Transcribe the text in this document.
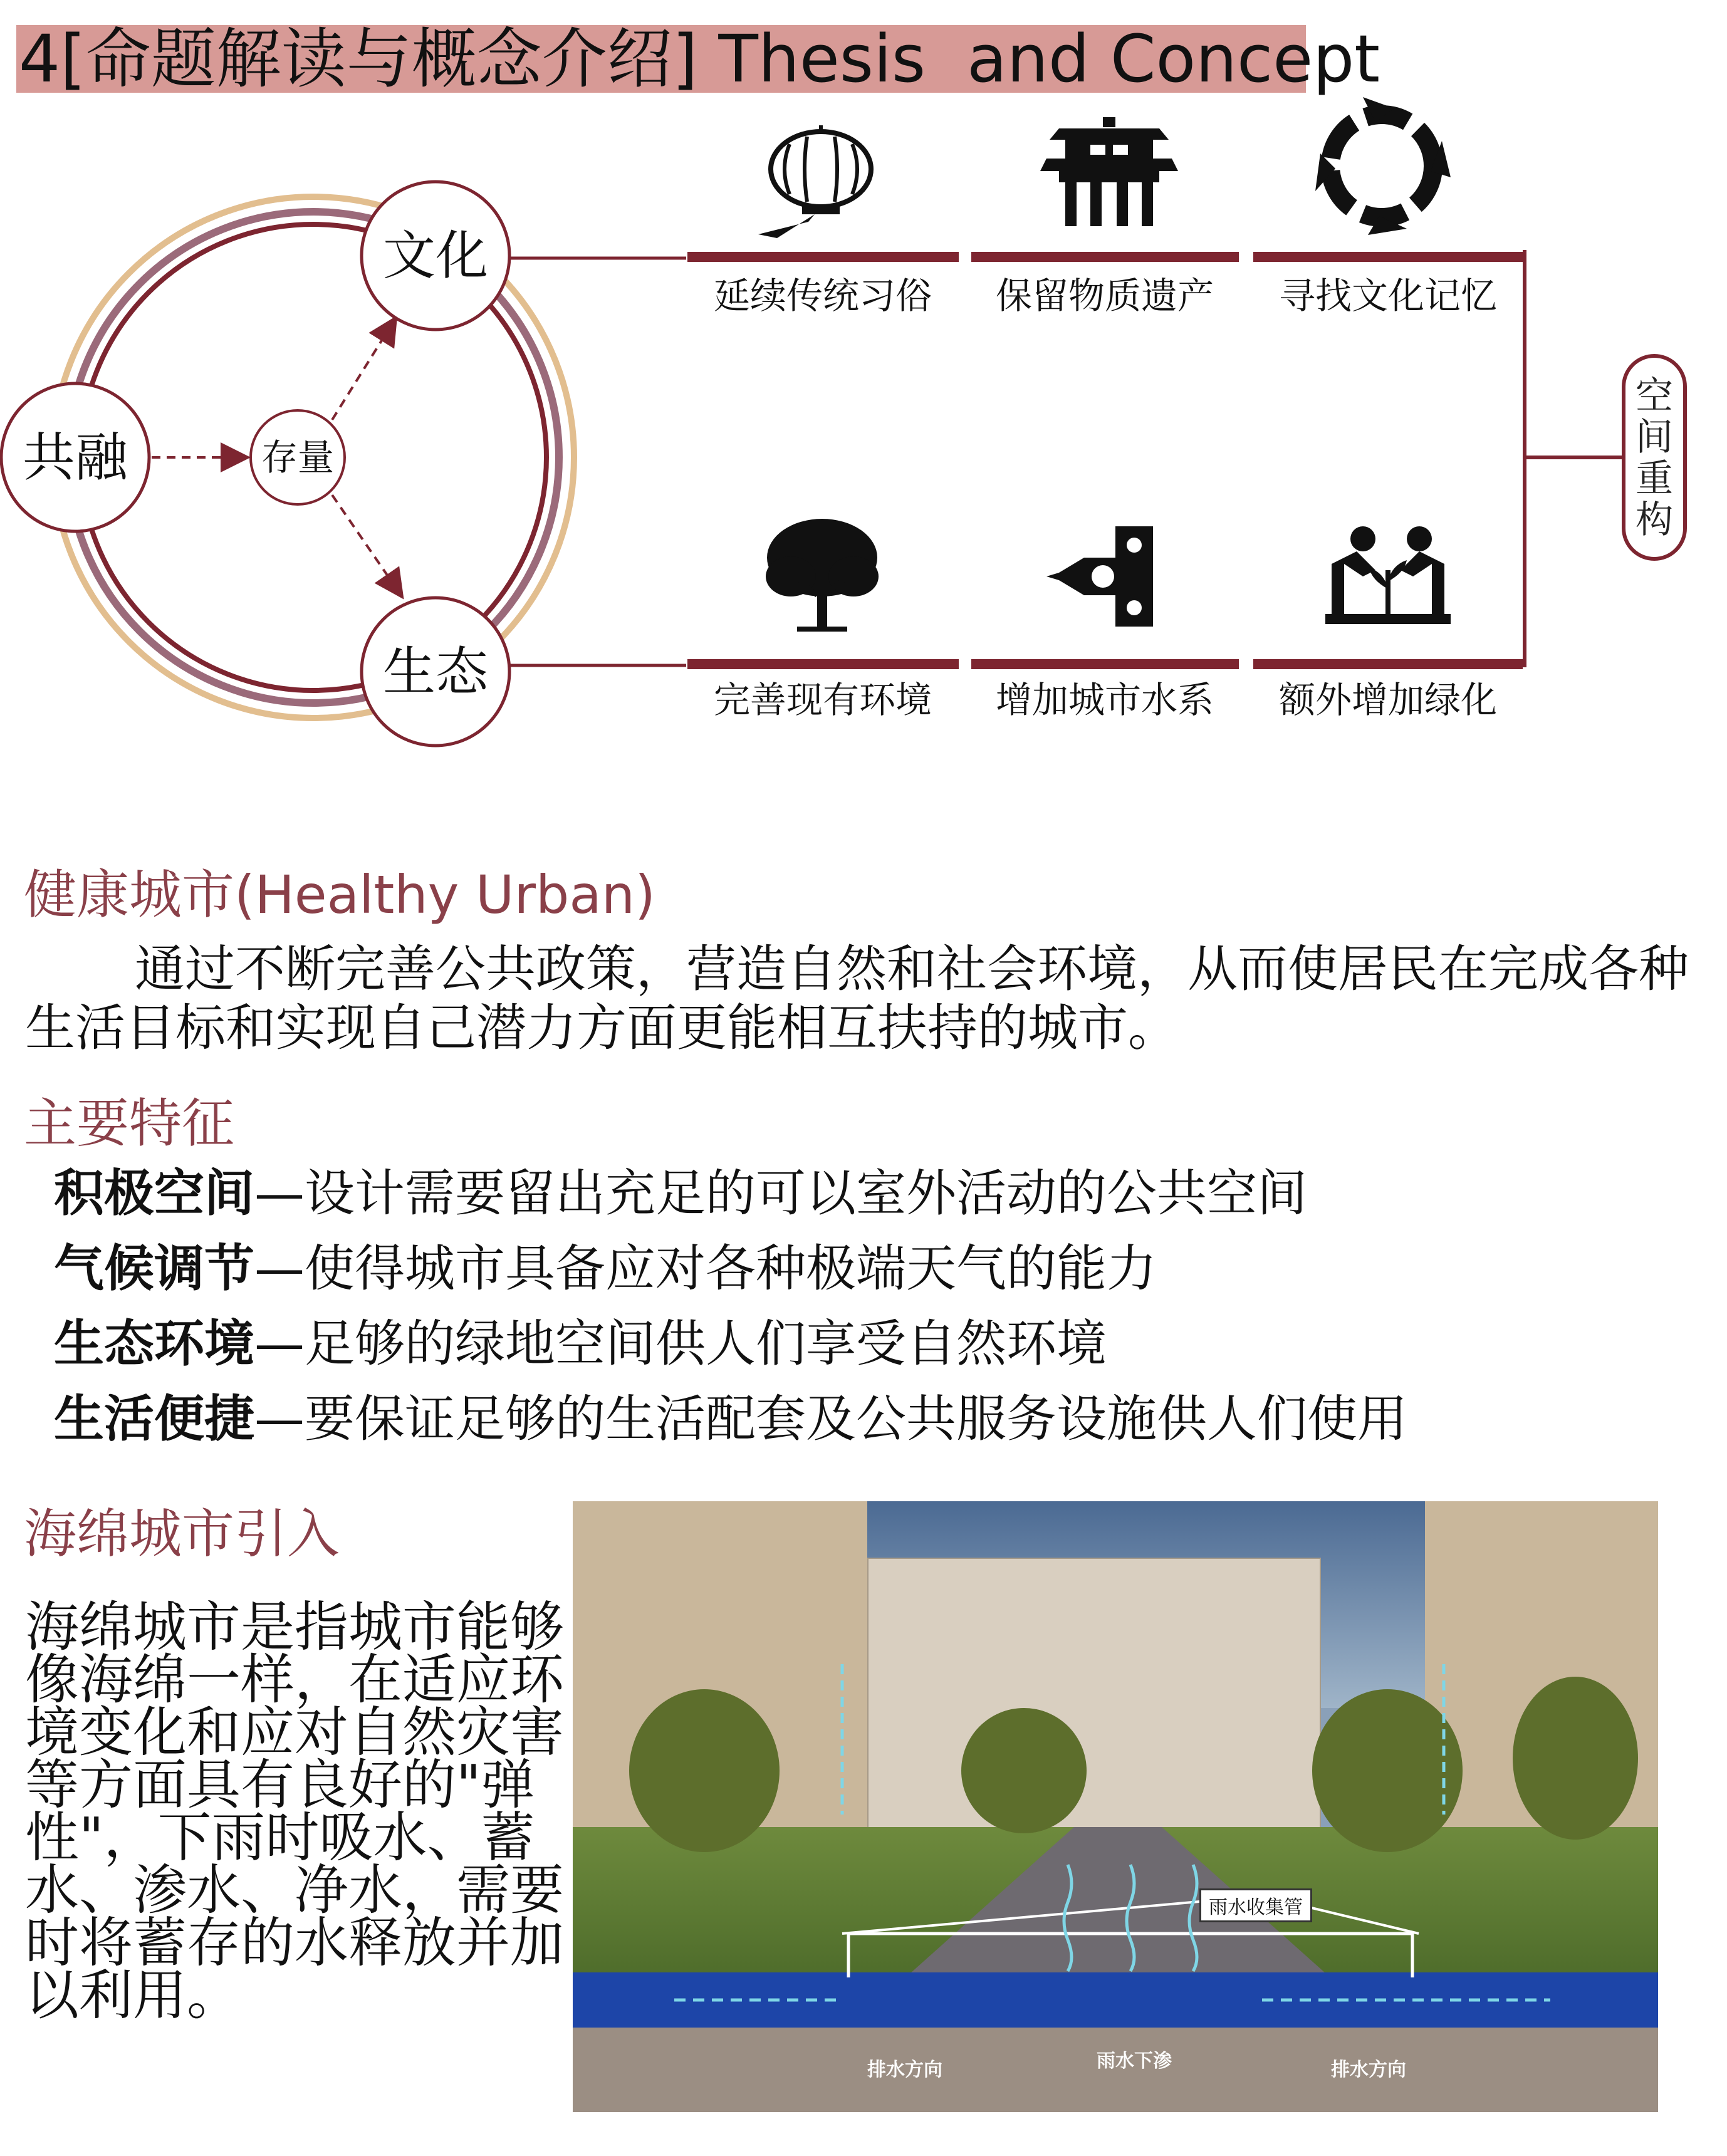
4[命题解读与概念介绍] Thesis  and Concept
文化
共融	存量
生态
延续传统习俗	保留物质遗产	寻找文化记忆
完善现有环境	增加城市水系	额外增加绿化
空
间
重
构
健康城市(Healthy Urban)
通过不断完善公共政策，营造自然和社会环境，从而使居民在完成各种生活目标和实现自己潜力方面更能相互扶持的城市。
主要特征
积极空间—设计需要留出充足的可以室外活动的公共空间
气候调节—使得城市具备应对各种极端天气的能力
生态环境—足够的绿地空间供人们享受自然环境
生活便捷—要保证足够的生活配套及公共服务设施供人们使用
海绵城市引入
海绵城市是指城市能够像海绵一样，在适应环境变化和应对自然灾害等方面具有良好的"弹性"，下雨时吸水、蓄水、渗水、净水，需要时将蓄存的水释放并加以利用。
雨水收集管
排水方向	雨水下渗	排水方向
